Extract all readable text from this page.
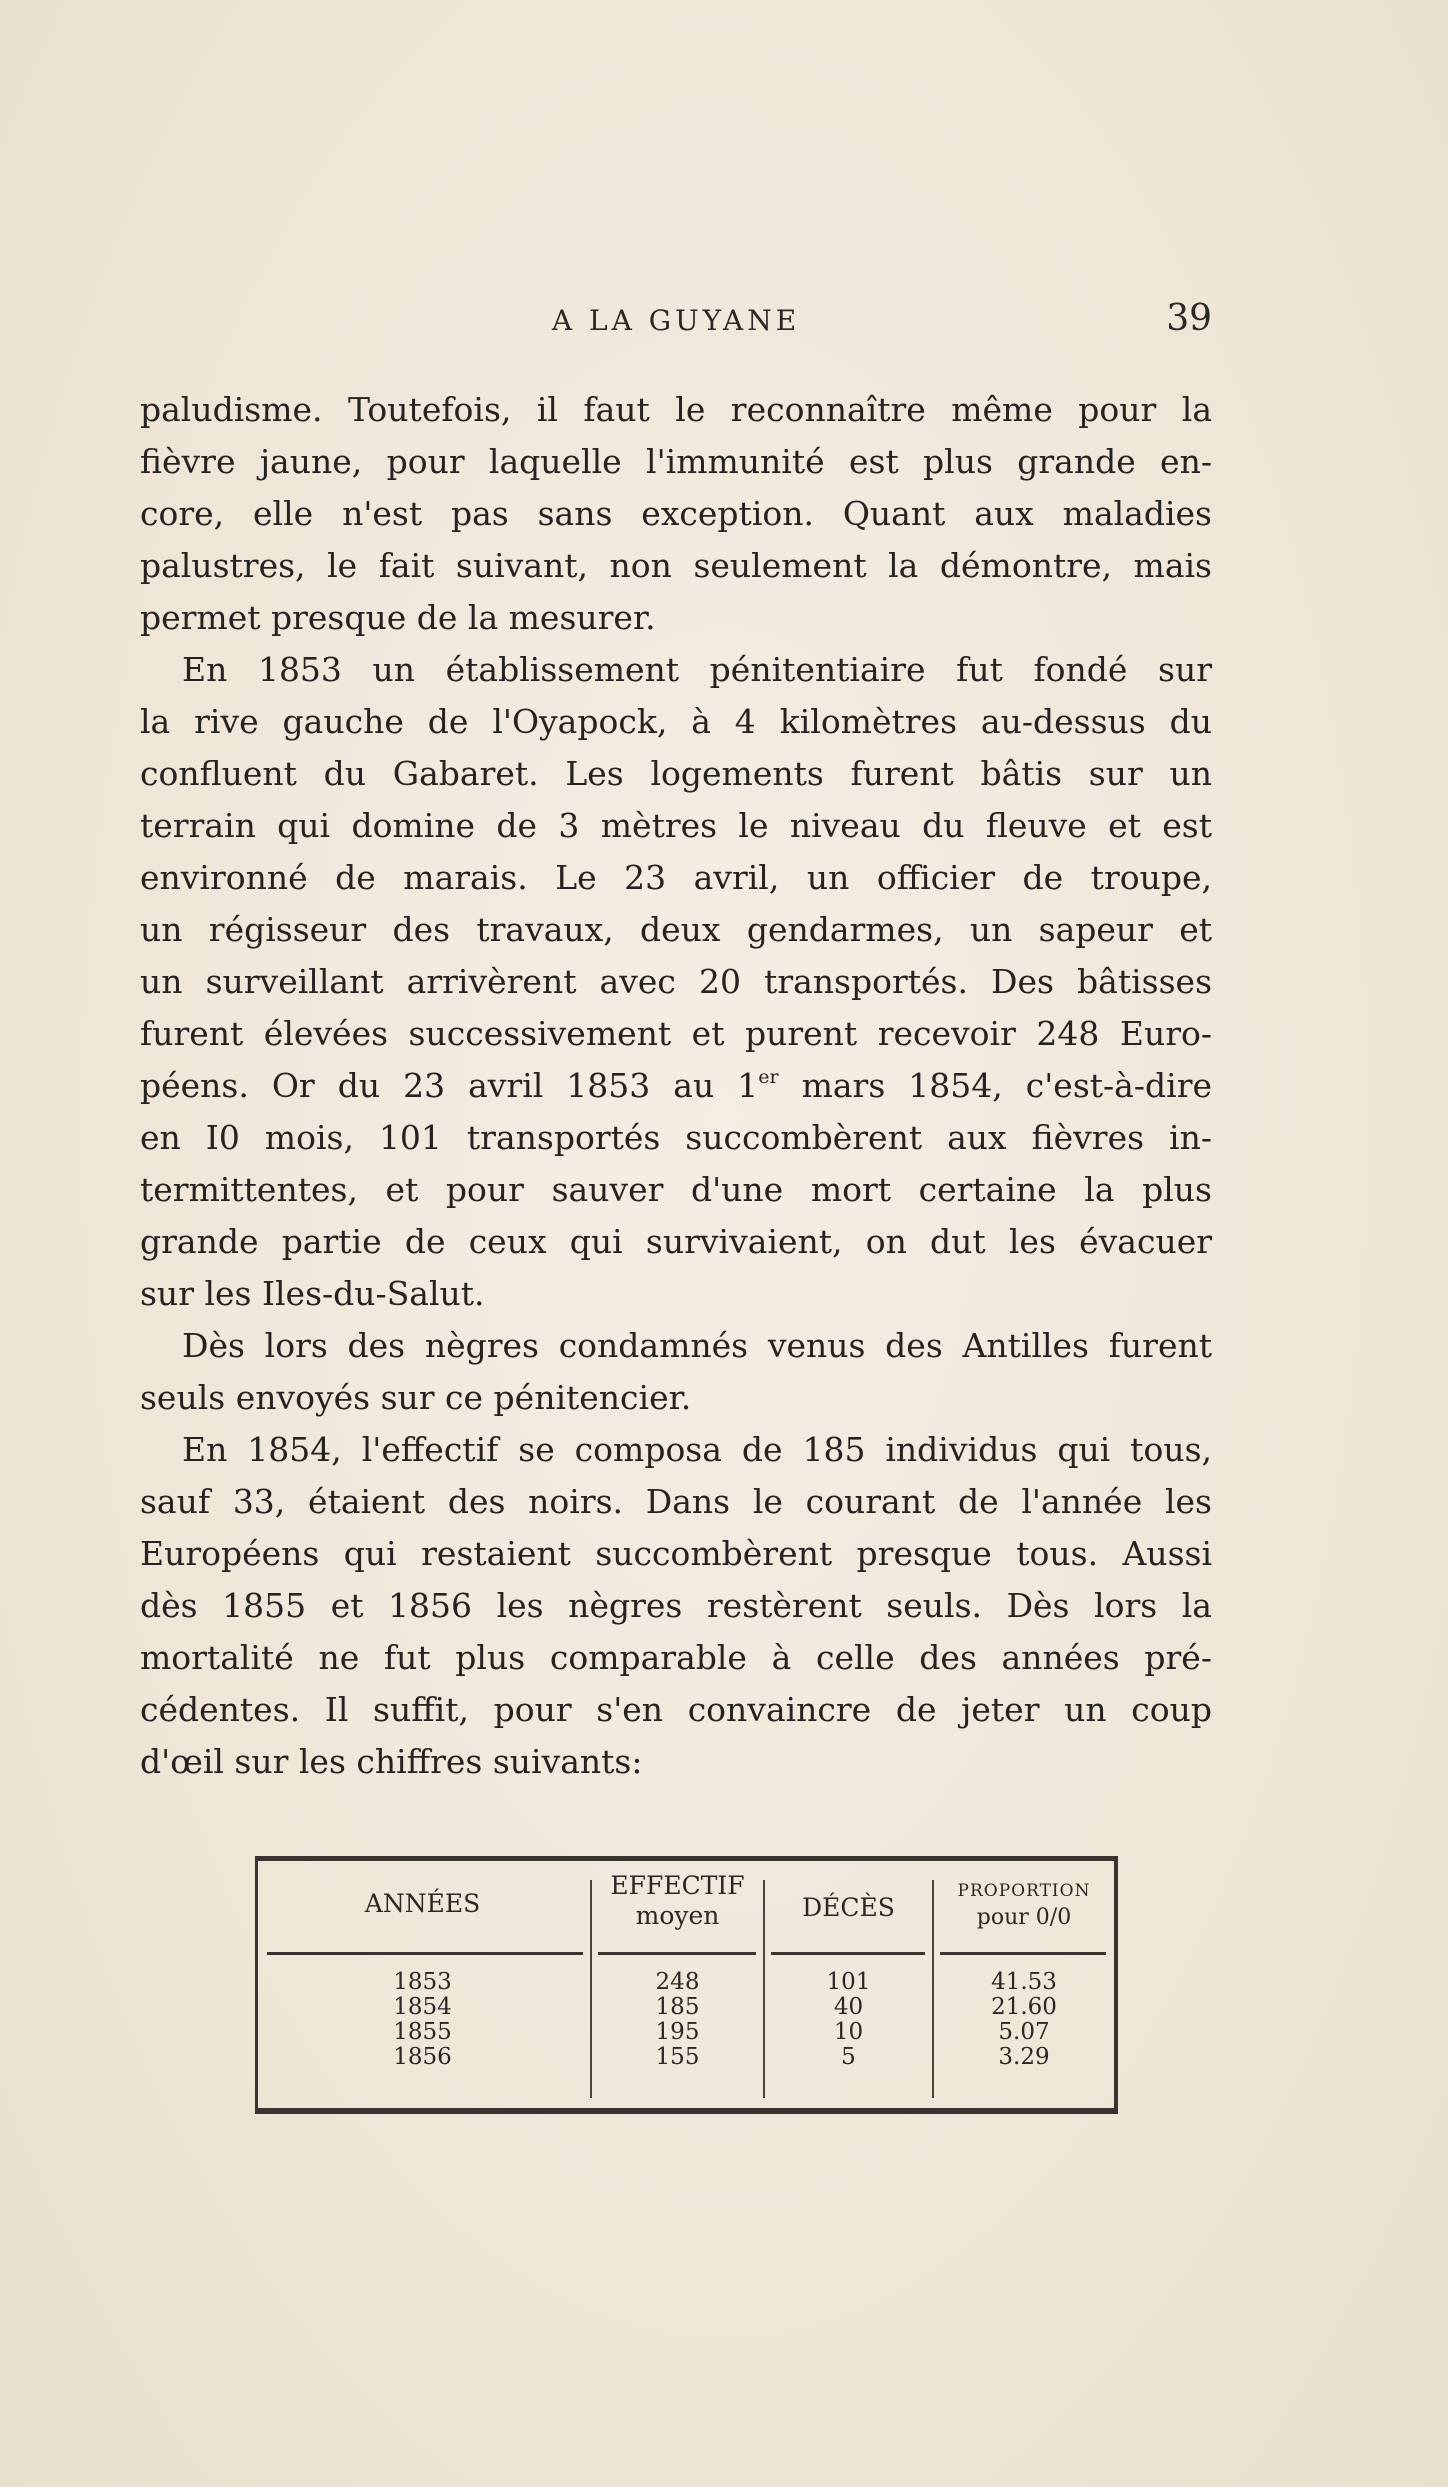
A LA GUYANE	39
paludisme. Toutefois, il faut le reconnaître même pour la
fièvre jaune, pour laquelle l'immunité est plus grande en-
core, elle n'est pas sans exception. Quant aux maladies
palustres, le fait suivant, non seulement la démontre, mais
permet presque de la mesurer.
En 1853 un établissement pénitentiaire fut fondé sur
la rive gauche de l'Oyapock, à 4 kilomètres au-dessus du
confluent du Gabaret. Les logements furent bâtis sur un
terrain qui domine de 3 mètres le niveau du fleuve et est
environné de marais. Le 23 avril, un officier de troupe,
un régisseur des travaux, deux gendarmes, un sapeur et
un surveillant arrivèrent avec 20 transportés. Des bâtisses
furent élevées successivement et purent recevoir 248 Euro-
péens. Or du 23 avril 1853 au 1er mars 1854, c'est-à-dire
en I0 mois, 101 transportés succombèrent aux fièvres in-
termittentes, et pour sauver d'une mort certaine la plus
grande partie de ceux qui survivaient, on dut les évacuer
sur les Iles-du-Salut.
Dès lors des nègres condamnés venus des Antilles furent
seuls envoyés sur ce pénitencier.
En 1854, l'effectif se composa de 185 individus qui tous,
sauf 33, étaient des noirs. Dans le courant de l'année les
Européens qui restaient succombèrent presque tous. Aussi
dès 1855 et 1856 les nègres restèrent seuls. Dès lors la
mortalité ne fut plus comparable à celle des années pré-
cédentes. Il suffit, pour s'en convaincre de jeter un coup
d'œil sur les chiffres suivants:
ANNÉES
EFFECTIF
moyen	DÉCÈS
PROPORTION
pour 0/0
1853
1854
1855
1856
248
185
195
155
101
40
10
5
41.53
21.60
5.07
3.29
